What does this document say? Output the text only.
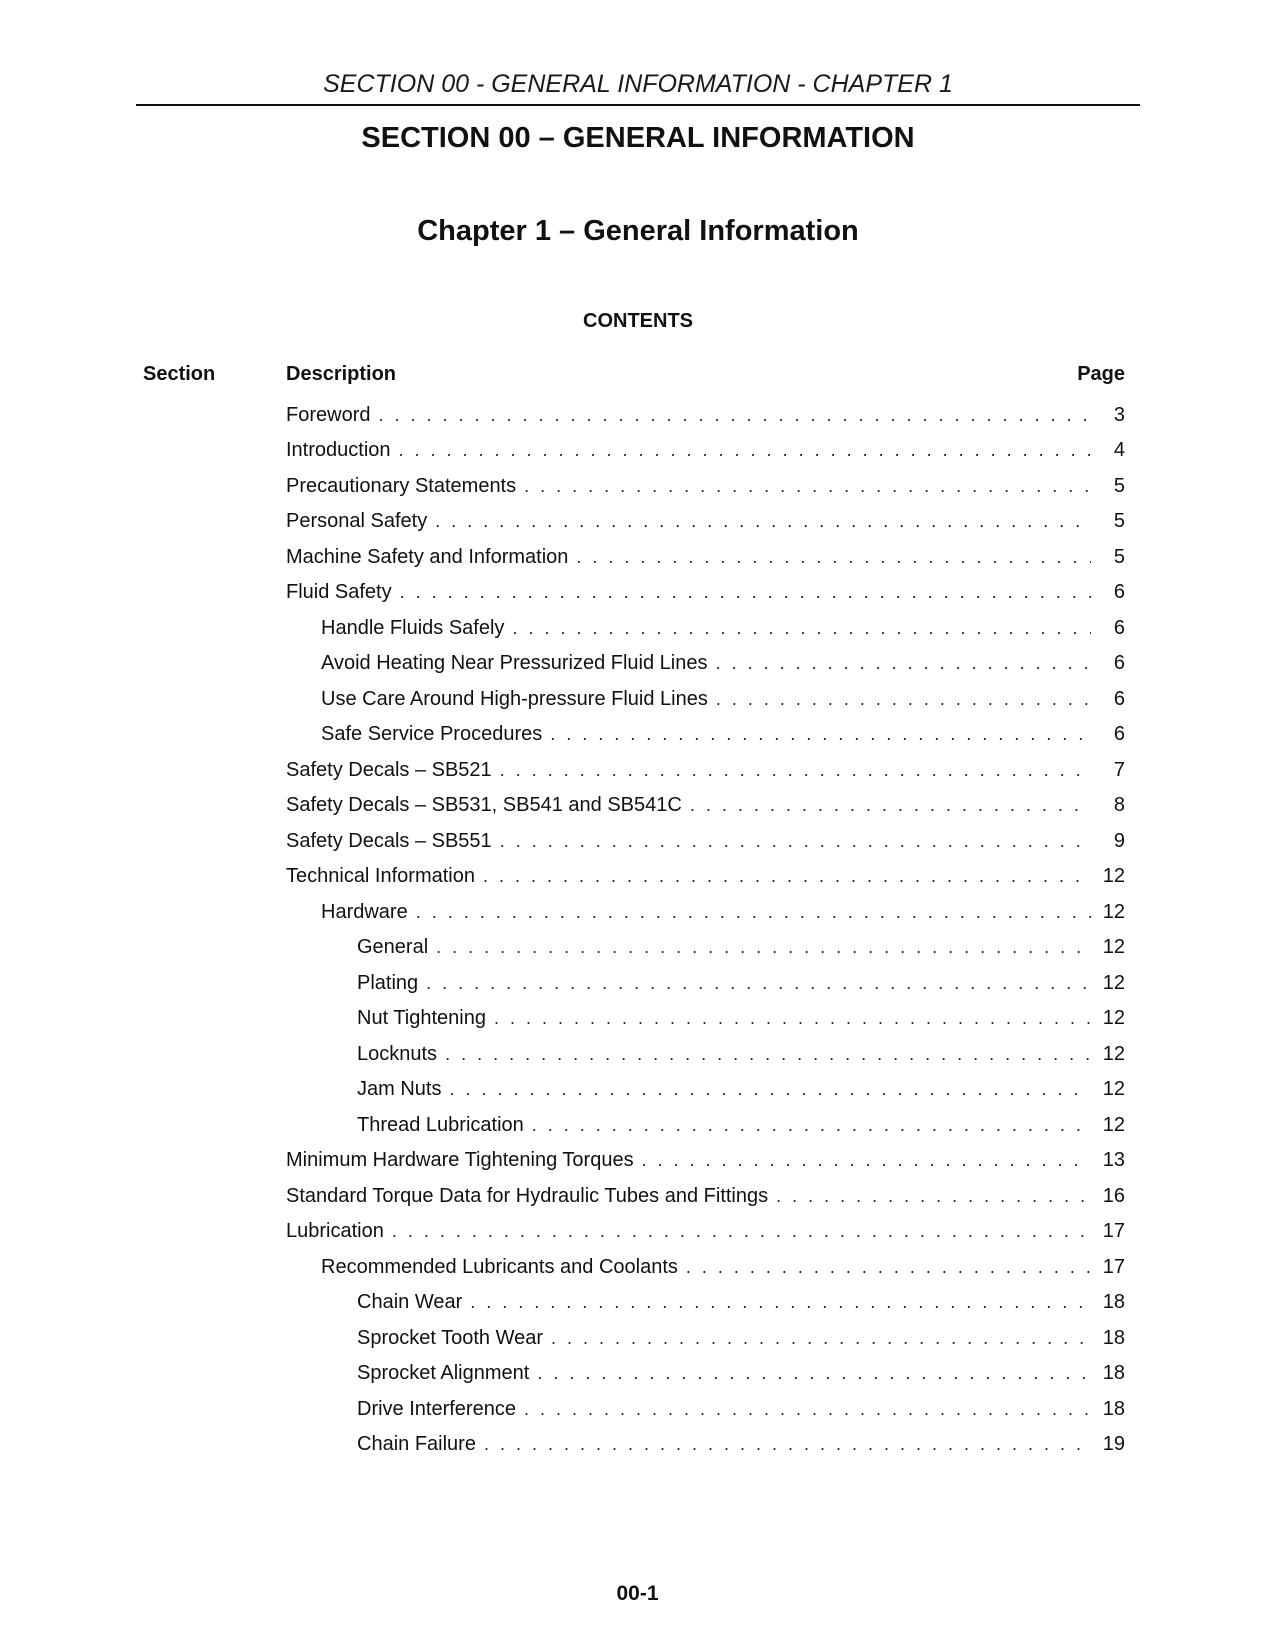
SECTION 00 - GENERAL INFORMATION - CHAPTER 1
SECTION 00 – GENERAL INFORMATION
Chapter 1 – General Information
CONTENTS
Section	Description	Page
Foreword . . .	3
Introduction . . .	4
Precautionary Statements . . .	5
Personal Safety . . .	5
Machine Safety and Information . . .	5
Fluid Safety . . .	6
Handle Fluids Safely . . .	6
Avoid Heating Near Pressurized Fluid Lines . . .	6
Use Care Around High-pressure Fluid Lines . . .	6
Safe Service Procedures . . .	6
Safety Decals – SB521 . . .	7
Safety Decals – SB531, SB541 and SB541C . . .	8
Safety Decals – SB551 . . .	9
Technical Information . . .	12
Hardware . . .	12
General . . .	12
Plating . . .	12
Nut Tightening . . .	12
Locknuts . . .	12
Jam Nuts . . .	12
Thread Lubrication . . .	12
Minimum Hardware Tightening Torques . . .	13
Standard Torque Data for Hydraulic Tubes and Fittings . . .	16
Lubrication . . .	17
Recommended Lubricants and Coolants . . .	17
Chain Wear . . .	18
Sprocket Tooth Wear . . .	18
Sprocket Alignment . . .	18
Drive Interference . . .	18
Chain Failure . . .	19
00-1
